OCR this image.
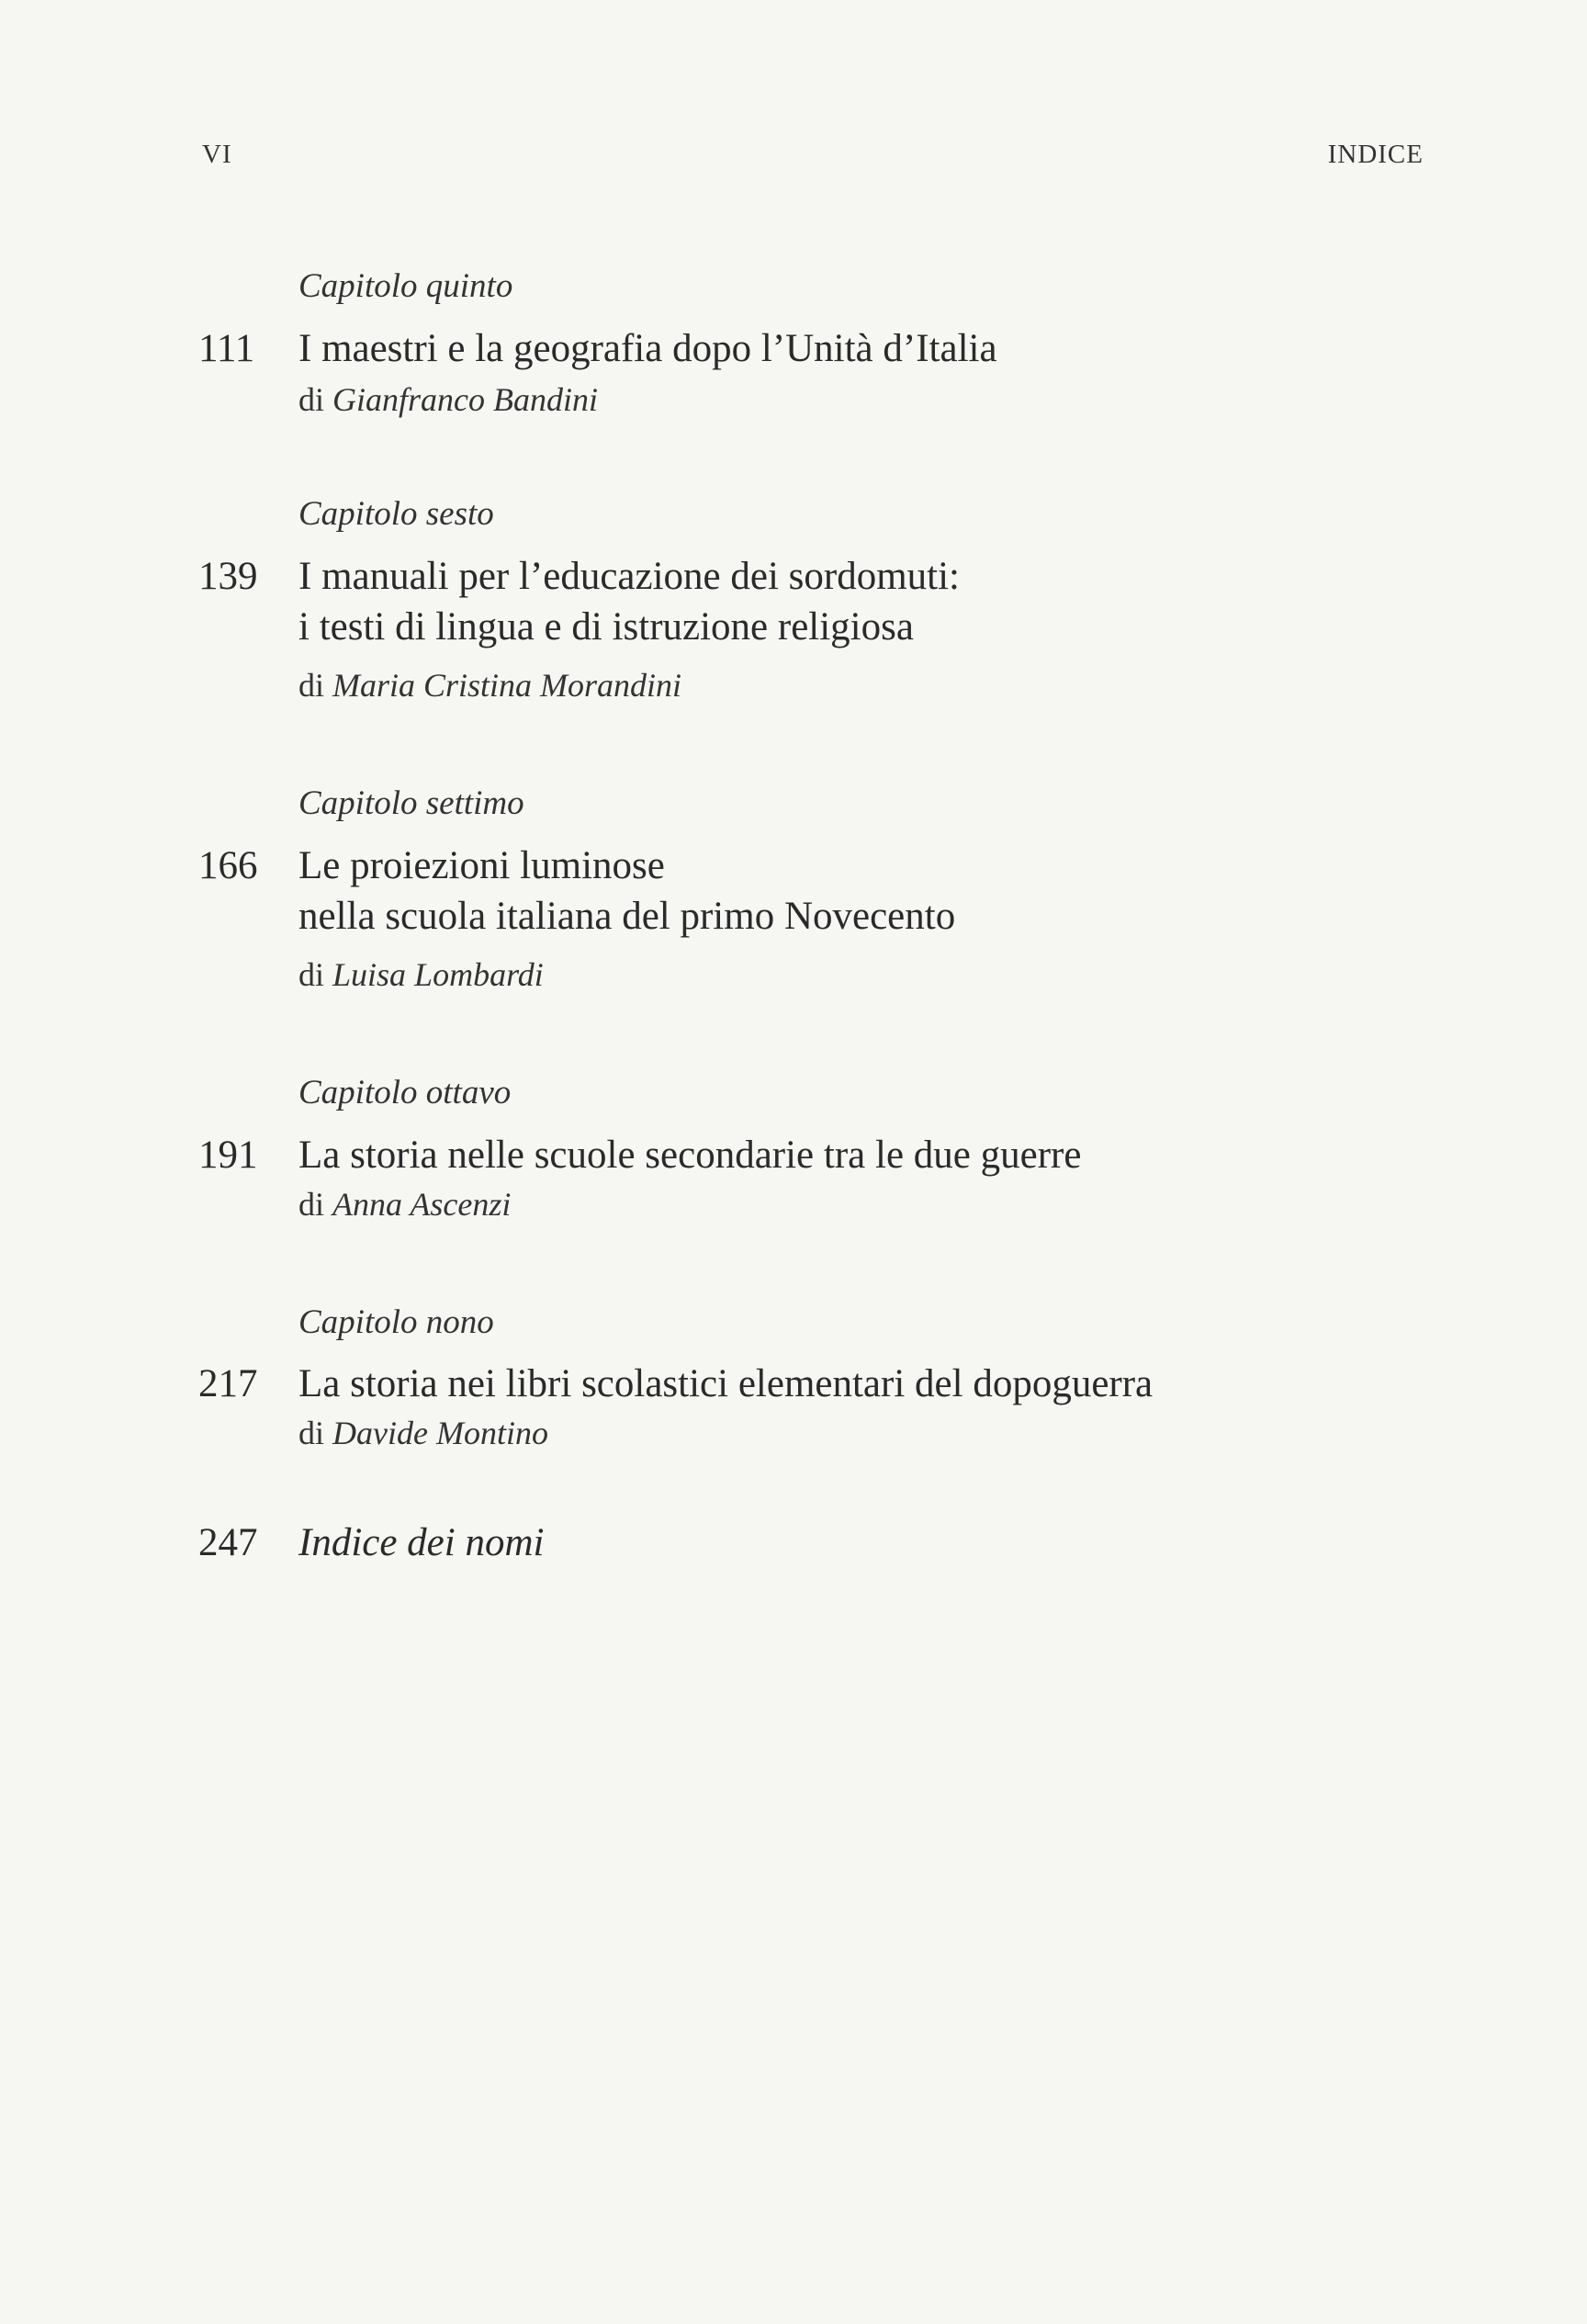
VI	INDICE
Capitolo quinto
111 I maestri e la geografia dopo l’Unità d’Italia
di Gianfranco Bandini
Capitolo sesto
139 I manuali per l’educazione dei sordomuti:
i testi di lingua e di istruzione religiosa
di Maria Cristina Morandini
Capitolo settimo
166 Le proiezioni luminose
nella scuola italiana del primo Novecento
di Luisa Lombardi
Capitolo ottavo
191 La storia nelle scuole secondarie tra le due guerre
di Anna Ascenzi
Capitolo nono
217 La storia nei libri scolastici elementari del dopoguerra
di Davide Montino
247 Indice dei nomi
